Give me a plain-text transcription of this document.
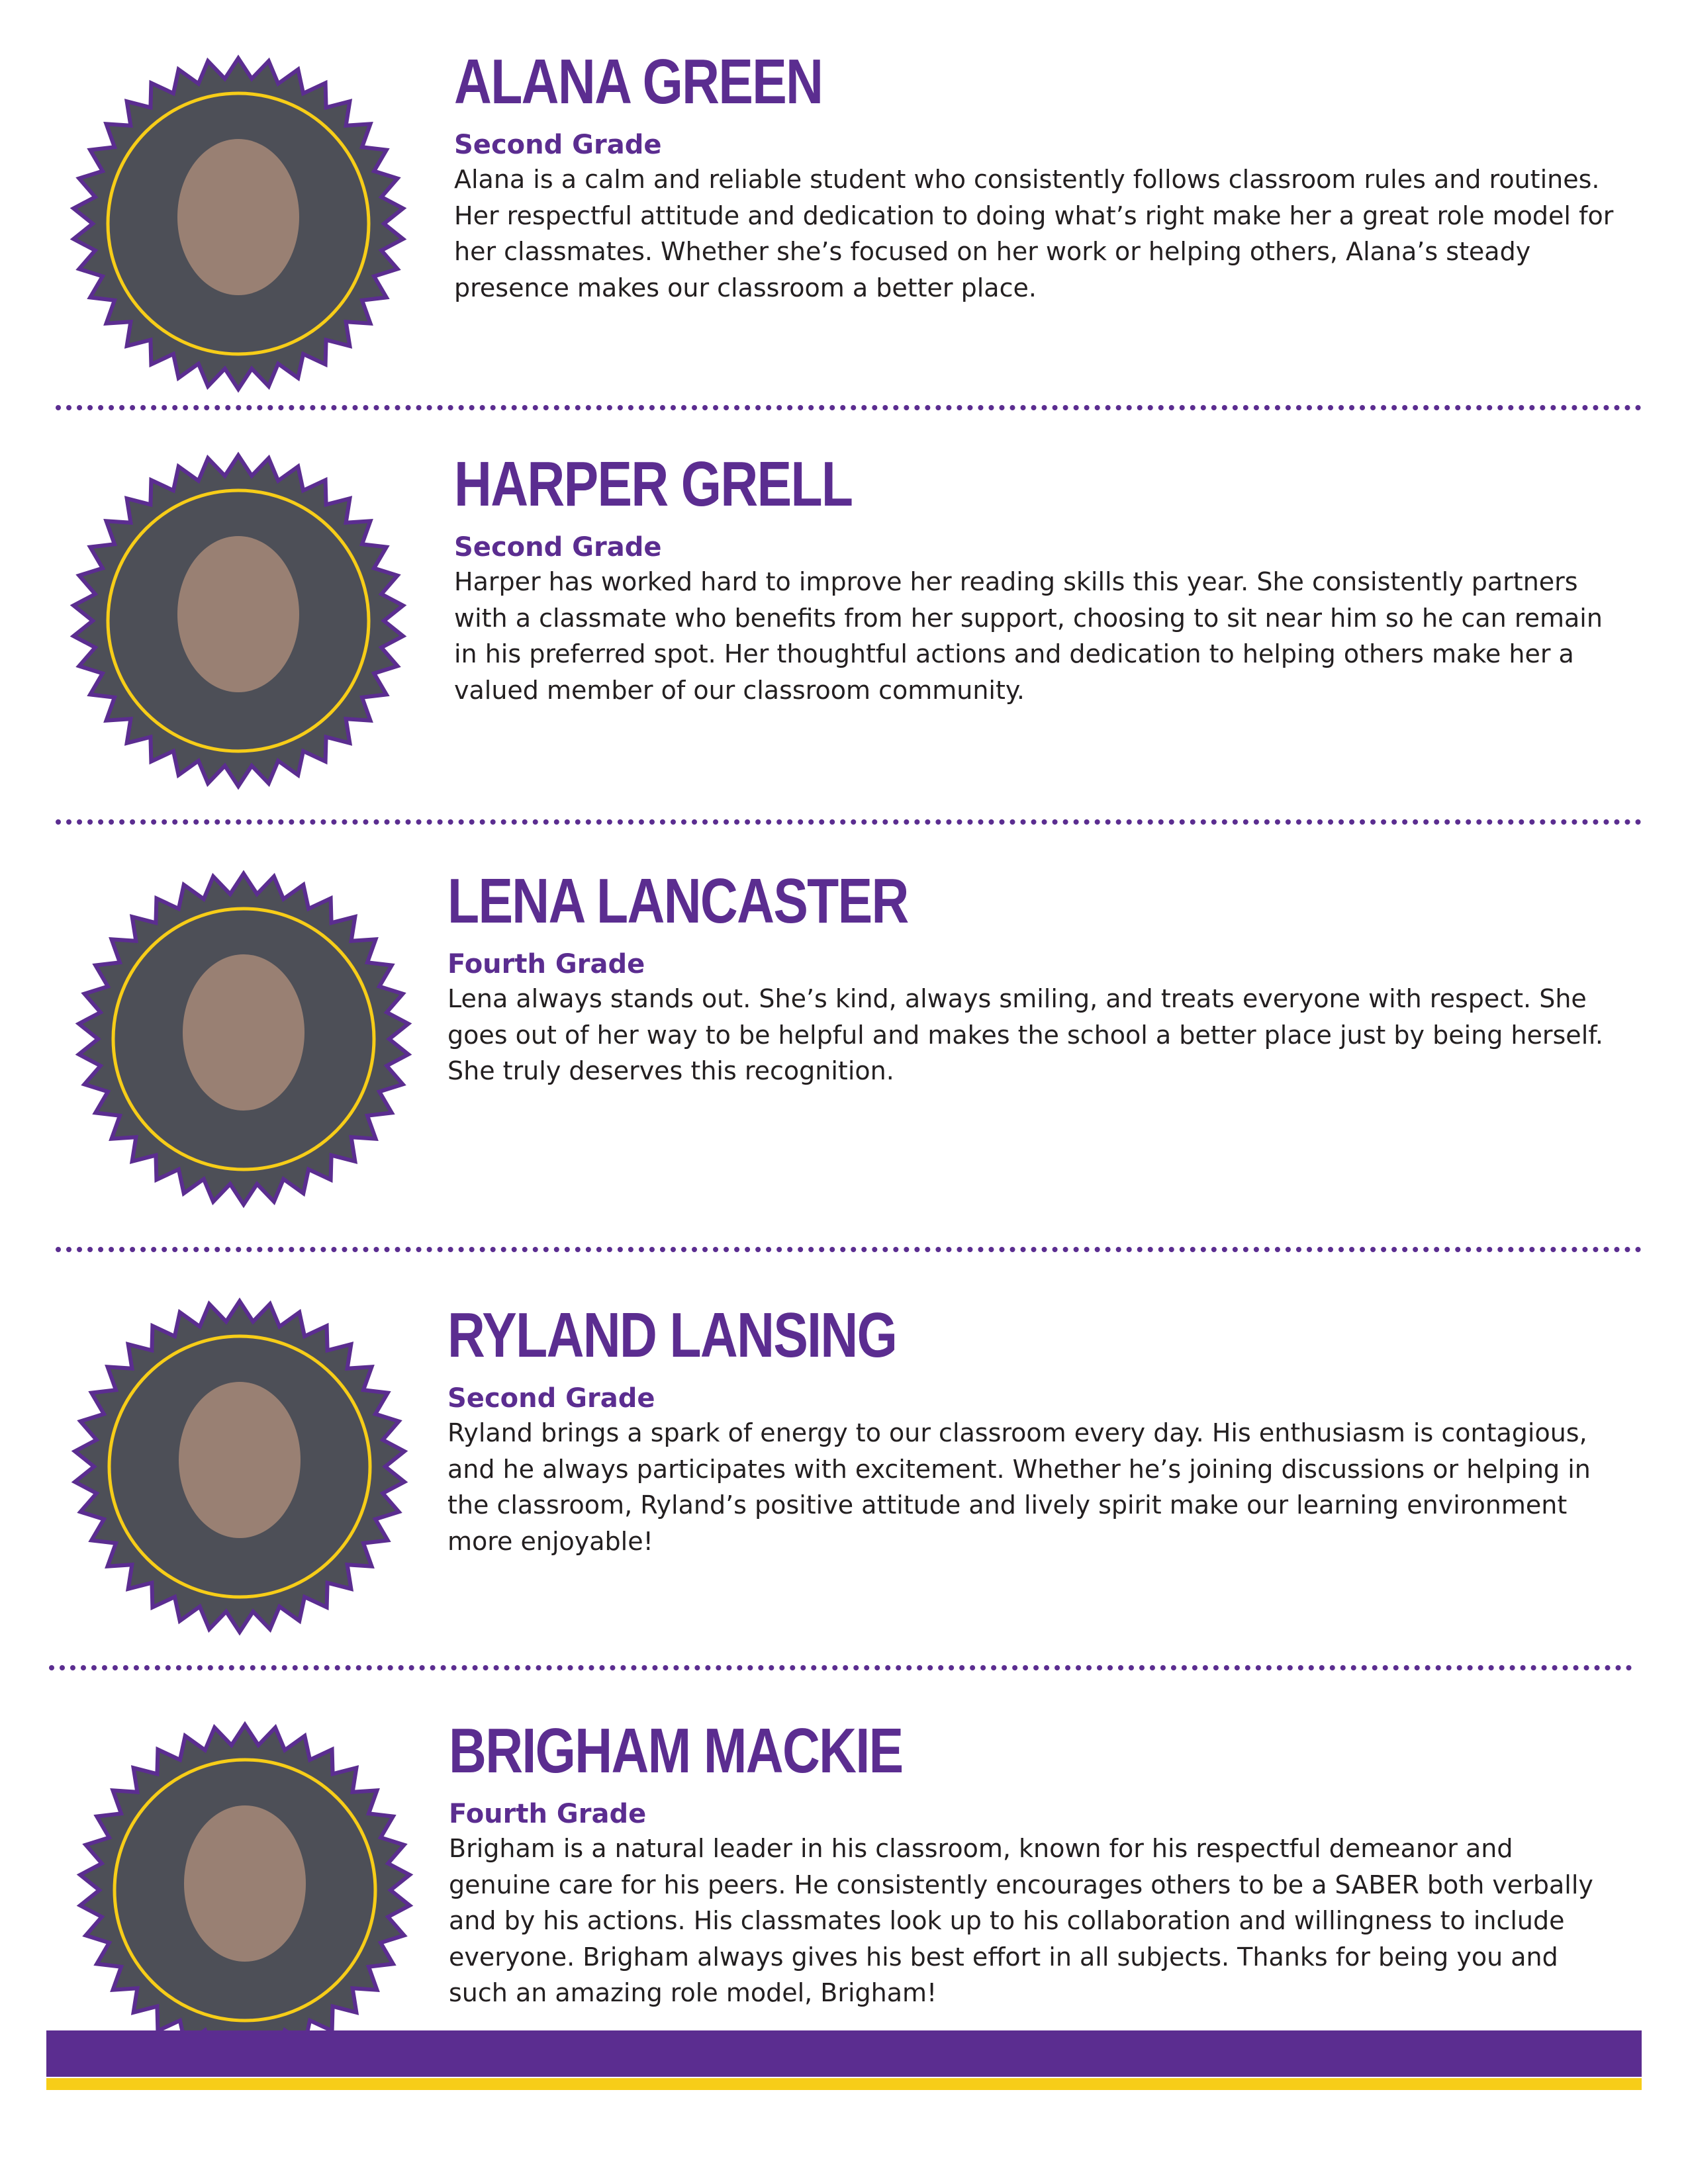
ALANA GREEN
Second Grade

Alana is a calm and reliable student who consistently follows classroom rules and routines. Her respectful attitude and dedication to doing what’s right make her a great role model for her classmates. Whether she’s focused on her work or helping others, Alana’s steady presence makes our classroom a better place.

HARPER GRELL
Second Grade

Harper has worked hard to improve her reading skills this year. She consistently partners with a classmate who benefits from her support, choosing to sit near him so he can remain in his preferred spot. Her thoughtful actions and dedication to helping others make her a valued member of our classroom community.

LENA LANCASTER
Fourth Grade

Lena always stands out. She’s kind, always smiling, and treats everyone with respect. She goes out of her way to be helpful and makes the school a better place just by being herself. She truly deserves this recognition.

RYLAND LANSING
Second Grade

Ryland brings a spark of energy to our classroom every day. His enthusiasm is contagious, and he always participates with excitement. Whether he’s joining discussions or helping in the classroom, Ryland’s positive attitude and lively spirit make our learning environment more enjoyable!

BRIGHAM MACKIE
Fourth Grade

Brigham is a natural leader in his classroom, known for his respectful demeanor and genuine care for his peers. He consistently encourages others to be a SABER both verbally and by his actions. His classmates look up to his collaboration and willingness to include everyone. Brigham always gives his best effort in all subjects. Thanks for being you and such an amazing role model, Brigham!
